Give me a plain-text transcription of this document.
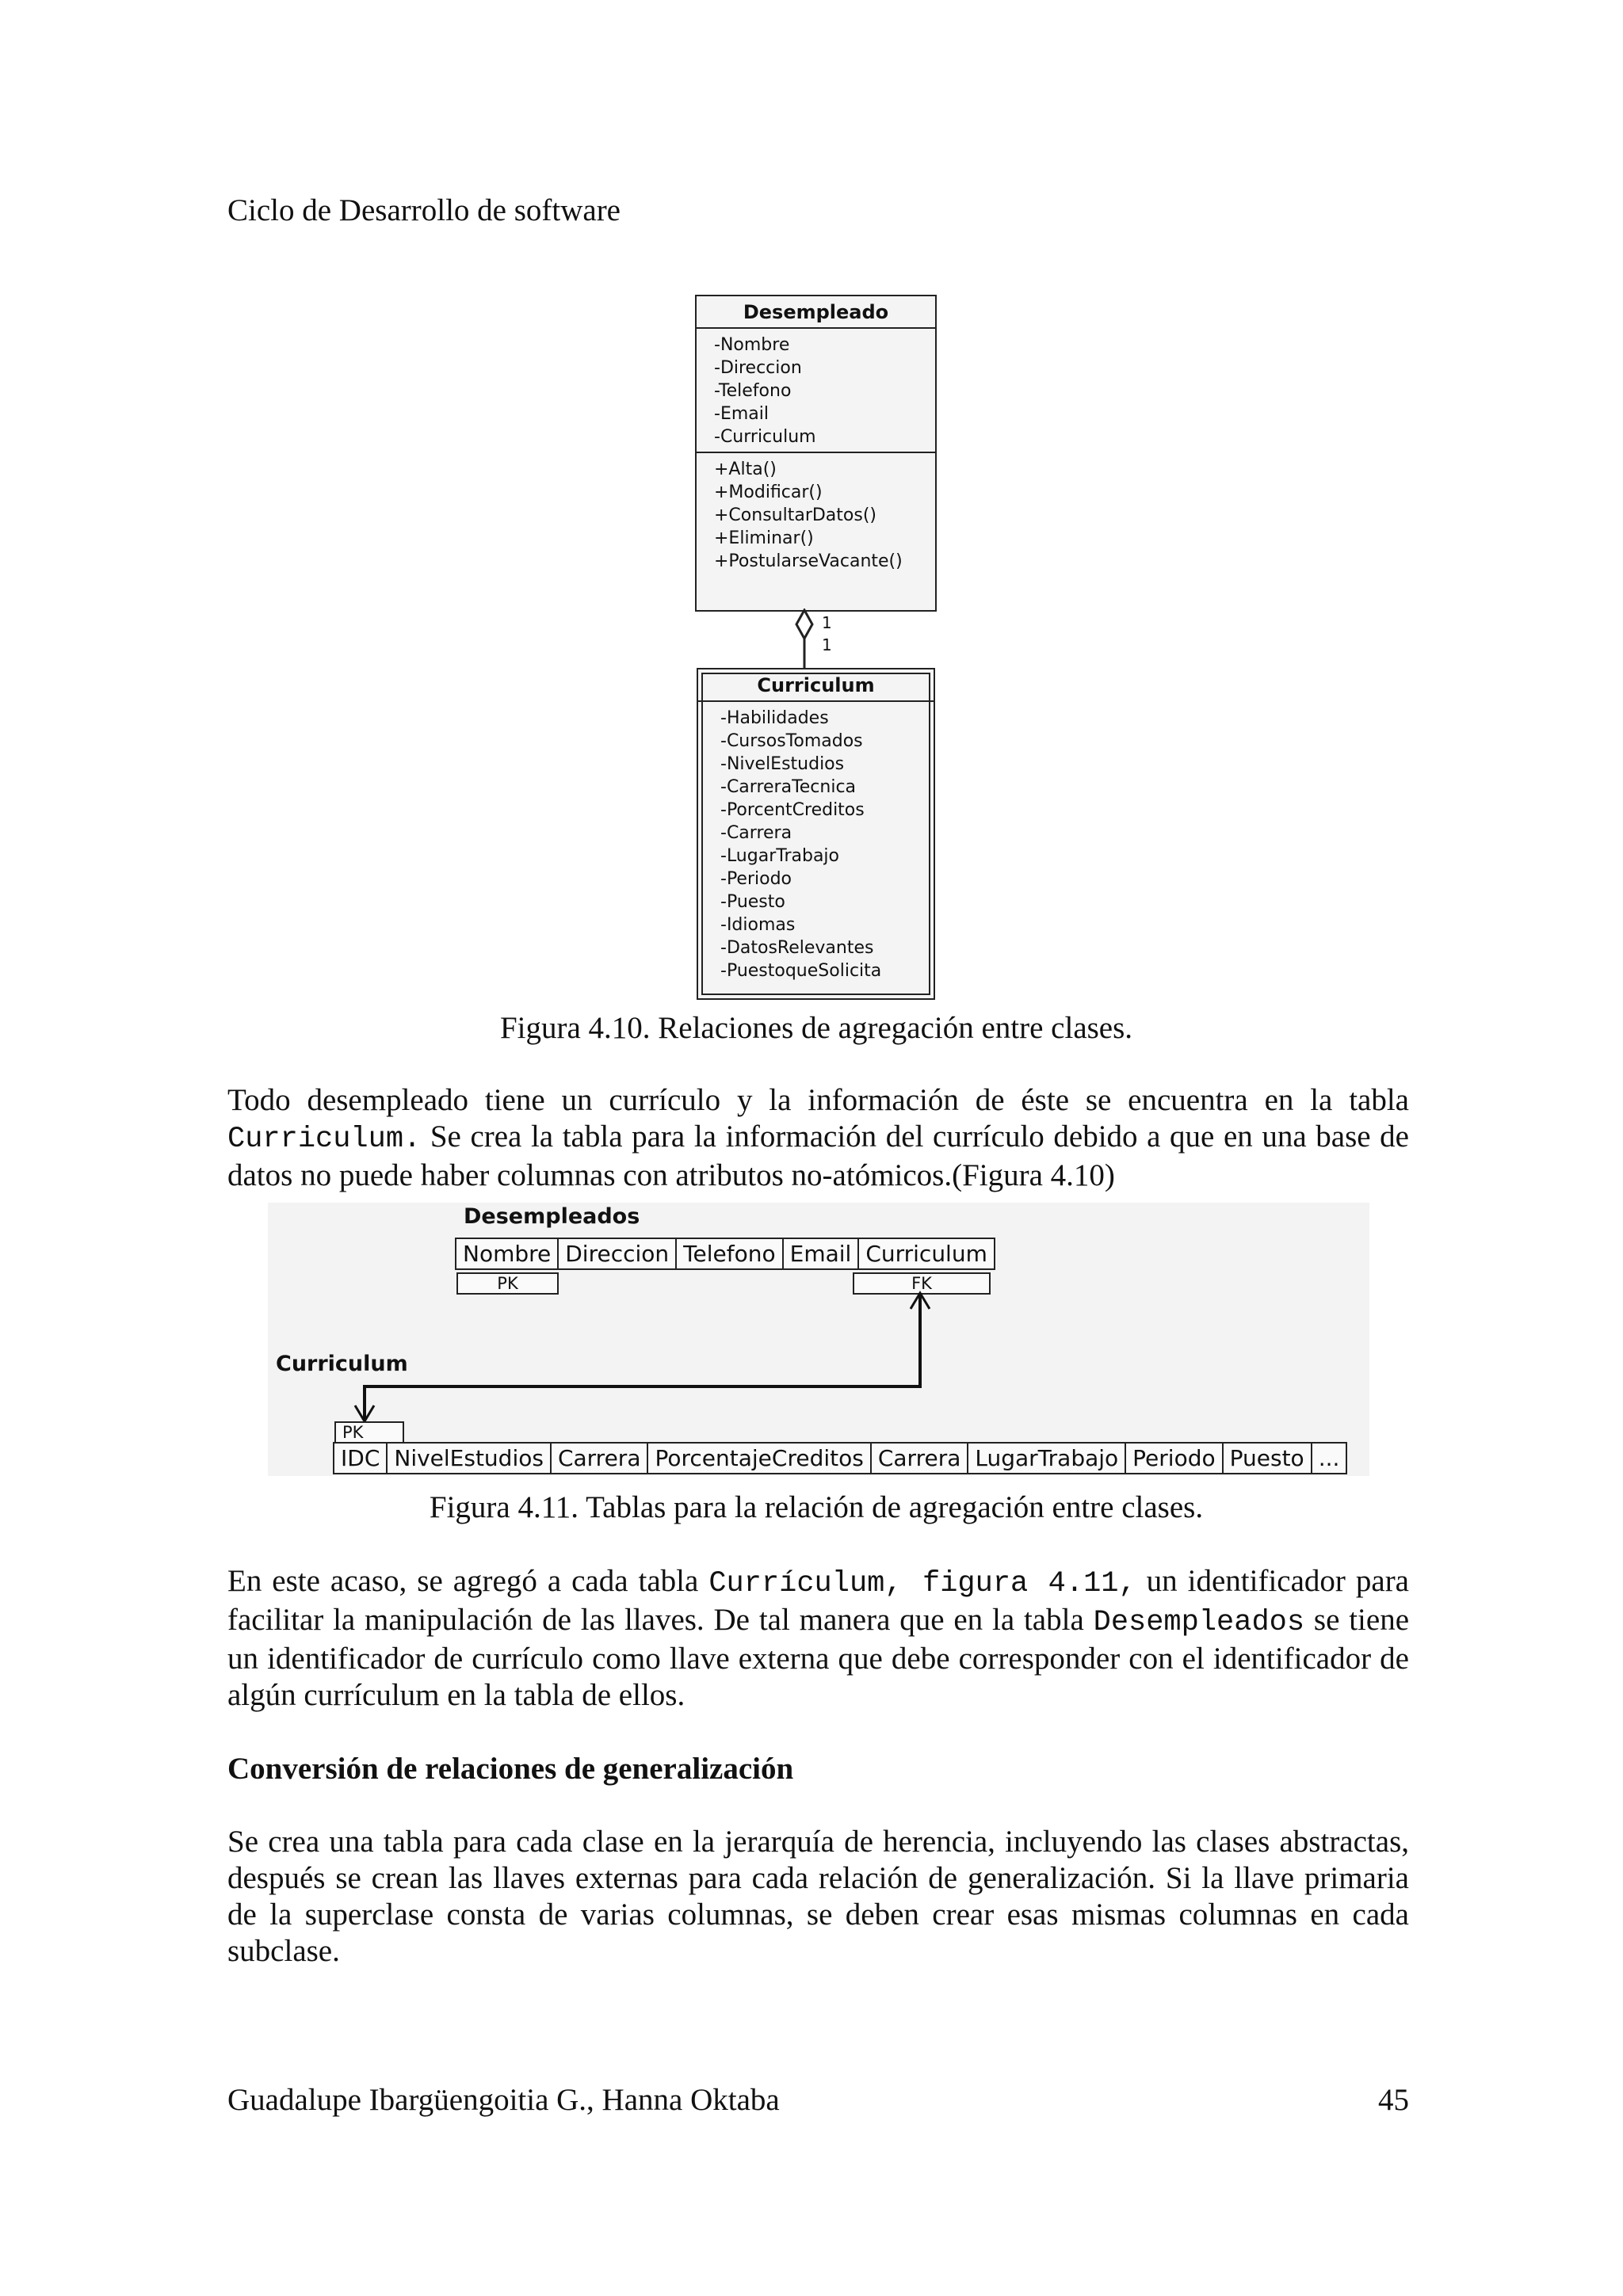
Ciclo de Desarrollo de software
Desempleado
-Nombre
-Direccion
-Telefono
-Email
-Curriculum
+Alta()
+Modificar()
+ConsultarDatos()
+Eliminar()
+PostularseVacante()
1
1
Curriculum
-Habilidades
-CursosTomados
-NivelEstudios
-CarreraTecnica
-PorcentCreditos
-Carrera
-LugarTrabajo
-Periodo
-Puesto
-Idiomas
-DatosRelevantes
-PuestoqueSolicita
Figura 4.10. Relaciones de agregación entre clases.
Todo desempleado tiene un currículo y la información de éste se encuentra en la tabla Curriculum. Se crea la tabla para la información del currículo debido a que en una base de datos no puede haber columnas con atributos no-atómicos.(Figura 4.10)
Desempleados
Nombre Direccion Telefono Email Curriculum
PK	FK
Curriculum
PK
IDC NivelEstudios Carrera PorcentajeCreditos Carrera LugarTrabajo Periodo Puesto ...
Figura 4.11. Tablas para la relación de agregación entre clases.
En este acaso, se agregó a cada tabla Currículum, figura 4.11, un identificador para facilitar la manipulación de las llaves. De tal manera que en la tabla Desempleados se tiene un identificador de currículo como llave externa que debe corresponder con el identificador de algún currículum en la tabla de ellos.
Conversión de relaciones de generalización
Se crea una tabla para cada clase en la jerarquía de herencia, incluyendo las clases abstractas, después se crean las llaves externas para cada relación de generalización. Si la llave primaria de la superclase consta de varias columnas, se deben crear esas mismas columnas en cada subclase.
Guadalupe Ibargüengoitia G., Hanna Oktaba	45
